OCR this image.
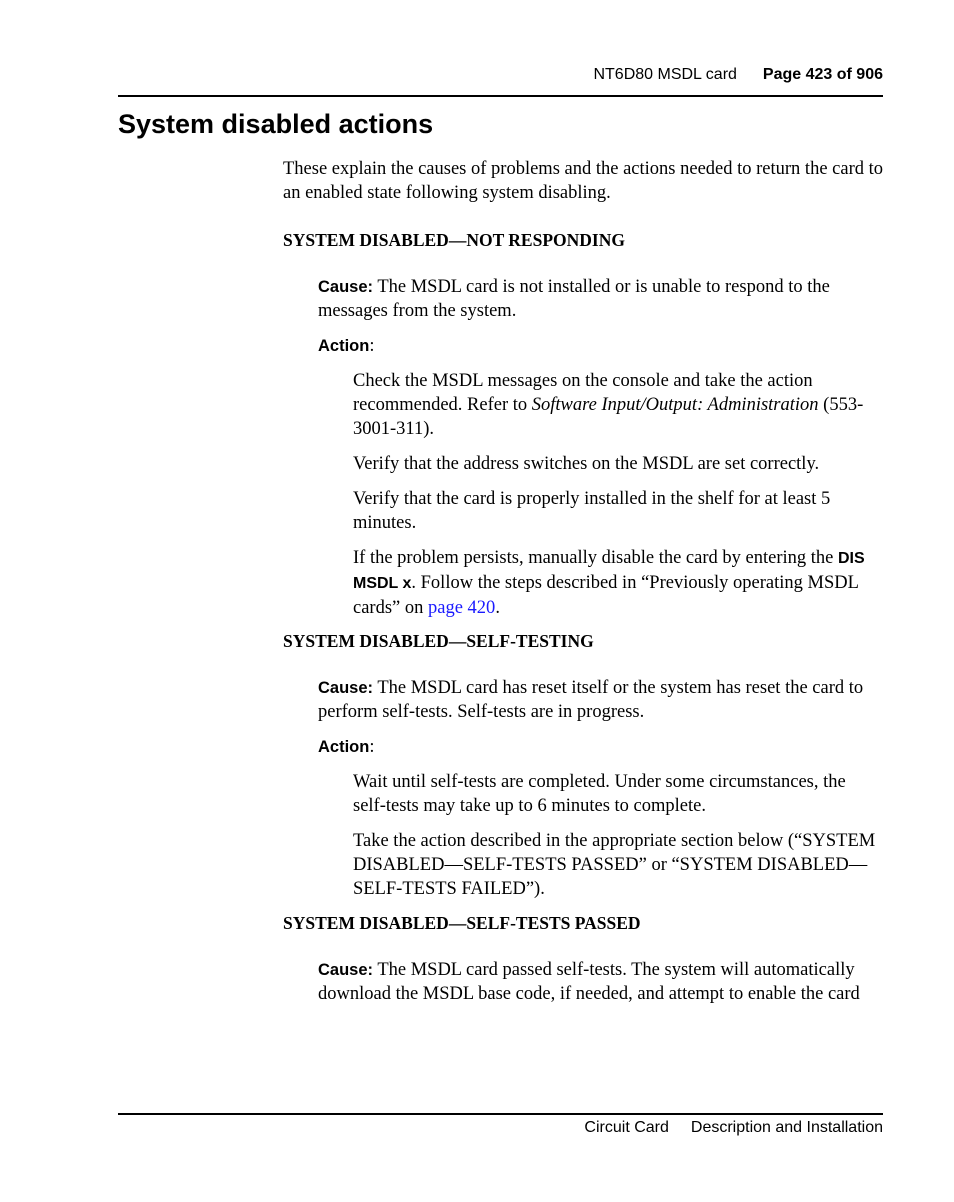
NT6D80 MSDL card Page 423 of 906
System disabled actions

These explain the causes of problems and the actions needed to return the card to an enabled state following system disabling.

SYSTEM DISABLED—NOT RESPONDING

Cause: The MSDL card is not installed or is unable to respond to the messages from the system.

Action:

Check the MSDL messages on the console and take the action recommended. Refer to Software Input/Output: Administration (553-3001-311).

Verify that the address switches on the MSDL are set correctly.

Verify that the card is properly installed in the shelf for at least 5 minutes.

If the problem persists, manually disable the card by entering the DIS MSDL x. Follow the steps described in “Previously operating MSDL cards” on page 420.

SYSTEM DISABLED—SELF-TESTING

Cause: The MSDL card has reset itself or the system has reset the card to perform self-tests. Self-tests are in progress.

Action:

Wait until self-tests are completed. Under some circumstances, the self-tests may take up to 6 minutes to complete.

Take the action described in the appropriate section below (“SYSTEM DISABLED—SELF-TESTS PASSED” or “SYSTEM DISABLED—SELF-TESTS FAILED”).

SYSTEM DISABLED—SELF-TESTS PASSED

Cause: The MSDL card passed self-tests. The system will automatically download the MSDL base code, if needed, and attempt to enable the card

Circuit Card Description and Installation
